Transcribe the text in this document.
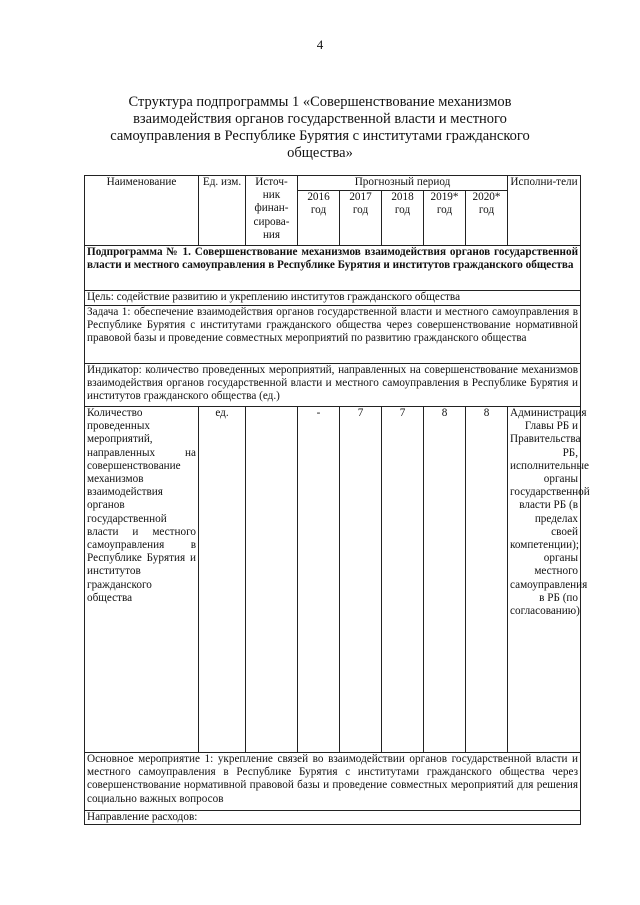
4
Структура подпрограммы 1 «Совершенствование механизмов взаимодействия органов государственной власти и местного самоуправления в Республике Бурятия с институтами гражданского общества»
Наименование	Ед. изм.	Источ-ник финан-сирова-ния	Прогнозный период					Исполни-тели
			2016 год	2017 год	2018 год	2019* год	2020* год	
Подпрограмма № 1. Совершенствование механизмов взаимодействия органов государственной власти и местного самоуправления в Республике Бурятия и институтов гражданского общества								
Цель: содействие развитию и укреплению институтов гражданского общества								
Задача 1: обеспечение взаимодействия органов государственной власти и местного самоуправления в Республике Бурятия с институтами гражданского общества через совершенствование нормативной правовой базы и проведение совместных мероприятий по развитию гражданского общества								
Индикатор: количество проведенных мероприятий, направленных на совершенствование механизмов взаимодействия органов государственной власти и местного самоуправления в Республике Бурятия и институтов гражданского общества (ед.)								
Количество проведенных мероприятий, направленных на совершенствование механизмов взаимодействия органов государственной власти и местного самоуправления в Республике Бурятия и институтов гражданского общества	ед.		-	7	7	8	8	Администрация Главы РБ и Правительства РБ, исполнительные органы государственной власти РБ (в пределах своей компетенции); органы местного самоуправления в РБ (по согласованию)
Основное мероприятие 1: укрепление связей во взаимодействии органов государственной власти и местного самоуправления в Республике Бурятия с институтами гражданского общества через совершенствование нормативной правовой базы и проведение совместных мероприятий для решения социально важных вопросов								
Направление расходов:								
